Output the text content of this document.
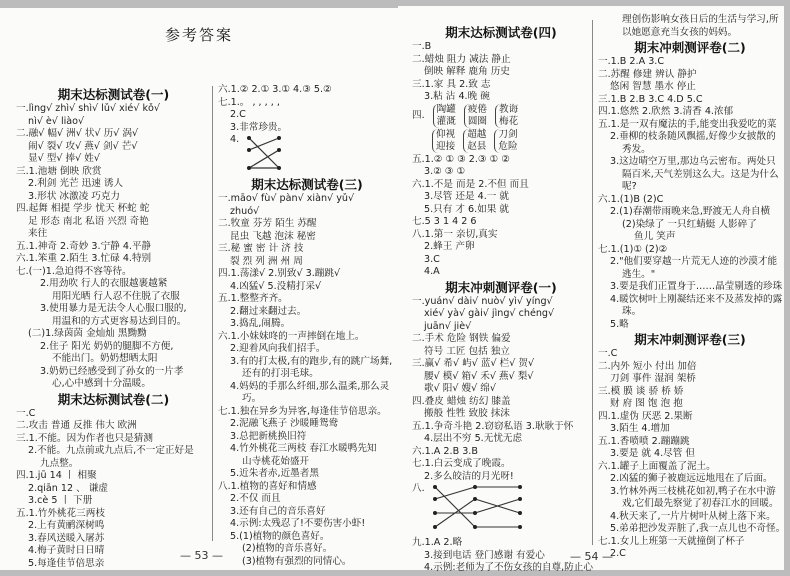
参考答案
期末达标测试卷(一)
一.lìng√ zhì√ shì√ lǔ√ xié√ kǒ√
nì√ è√ liào√
二.融√ 幅√ 洲√ 状√ 历√ 涡√
闹√ 裂√ 攻√ 燕√ 剑√ 芒√
显√ 型√ 捧√ 姓√
三.1.池塘 倒映 欣赏
2.利剑 光芒 迅速 诱人
3.形状 冰激凌 巧克力
四.起舞 相提 学步 忧天 杯蛇 蛇
足 形态 南北 私语 兴烈 奇艳
来往
五.1.神奇 2.奇妙 3.宁静 4.平静
六.1.笨重 2.陌生 3.忙碌 4.特别
七.(一)1.急迫得不容等待。
2.用劲吹 行人的衣服越裹越紧
用阳光晒 行人忍不住脱了衣服
3.使用暴力是无法令人心服口服的,
用温和的方式更容易达到目的。
(二)1.绿茵茵 金灿灿 黑黝黝
2.住子 阳光 奶奶的腿脚不方便,
不能出门。奶奶想晒太阳
3.奶奶已经感受到了孙女的一片孝
心,心中感到十分温暖。
期末达标测试卷(二)
一.C
二.攻击 普通 反推 伟大 欧洲
三.1.不能。因为作者也只是猜测
2.不能。九点前或九点后,不一定正好是
九点整。
四.1.jū 14 丨 相聚
2.qiān 12 、 谦虚
3.cè 5 丨 下册
五.1.竹外桃花三两枝
2.上有黄鹂深树鸣
3.春风送暖入屠苏
4.梅子黄时日日晴
5.每逢佳节倍思亲
六.1.② 2.① 3.① 4.③ 5.②
七.1.。 , , , , ,
2.C
3.非常珍贵。
4.
期末达标测试卷(三)
一.māo√ fù√ pàn√ xiàn√ yǔ√
zhuó√
二.牧童 芬芳 陌生 苏醒
昆虫 飞越 泡沫 秘密
三.秘 蜜 密 计 济 技
裂 烈 列 洲 州 周
四.1.荡漾√ 2.别致√ 3.蹦跳√
4.凶猛√ 5.没精打采√
五.1.整整齐齐。
2.翻过来翻过去。
3.捣乱,闹腾。
六.1.小妹妹咚的一声摔倒在地上。
2.迎着风向我们招手。
3.有的打太极,有的跑步,有的跳广场舞,
还有的打羽毛球。
4.妈妈的手那么纤细,那么温柔,那么灵
巧。
七.1.独在异乡为异客,每逢佳节倍思亲。
2.泥融飞燕子 沙暖睡鸳鸯
3.总把新桃换旧符
4.竹外桃花三两枝 春江水暖鸭先知
山寺桃花始盛开
5.近朱者赤,近墨者黑
八.1.植物的喜好和情感
2.不仅 而且
3.还有自己的音乐喜好
4.示例:太残忍了!不要伤害小虾!
5.(1)植物的颜色喜好。
(2)植物的音乐喜好。
(3)植物有强烈的同情心。
— 53 —
期末达标测试卷(四)
一.B
二.蜡烛 阻力 减法 静止
倒映 解释 鹿角 历史
三.1.家 具 2.致 志
3.粘 沾 4.晚 碗
四.
陶罐
灌溉
疲倦
圆圈
教诲
梅花
仰视
迎接
超越
赵县
刀剑
危险
五.1.② ① ③ 2.③ ① ②
3.② ③ ①
六.1.不是 而是 2.不但 而且
3.尽管 还是 4.一 就
5.只有 才 6.如果 就
七.5 3 1 4 2 6
八.1.第一 亲切,真实
2.蜂王 产卵
3.C
4.A
期末冲刺测评卷(一)
一.yuán√ dài√ nuò√ yì√ yíng√
xié√ yà√ gài√ jìng√ chéng√
juān√ jiè√
二.手术 危险 钢铁 偏爱
符号 工匠 包括 独立
三.赢√ 希√ 屿√ 蓝√ 栏√ 贺√
腰√ 模√ 箱√ 禾√ 燕√ 梨√
歌√ 阳√ 嫂√ 绵√
四.叠皮 蜡烛 纺幻 膝盖
搬般 性牲 致胶 抹沫
五.1.争奇斗艳 2.窃窃私语 3.耿耿于怀
4.层出不穷 5.无忧无虑
六.1.A 2.B 3.B
七.1.白云变成了晚霞。
2.多么皎洁的月光呀!
八.
九.1.A 2.略
3.接到电话 登门感谢 有爱心
4.示例:老师为了不伤女孩的自尊,防止心
理创伤影响女孩日后的生活与学习,所
以她愿意充当女孩的妈妈。
期末冲刺测评卷(二)
一.1.B 2.A 3.C
二.苏醒 修建 辨认 静护
悠闲 智慧 墨水 停止
三.1.B 2.B 3.C 4.D 5.C
四.1.悠然 2.欣然 3.清香 4.浓郁
五.1.是一双有魔法的手,能变出我爱吃的菜
2.垂柳的枝条随风飘摇,好像少女披散的
秀发。
3.这边晴空万里,那边乌云密布。两处只
隔百米,天气差别这么大。这是为什么
呢?
六.1.(1)B (2)C
2.(1)春潮带雨晚来急,野渡无人舟自横
(2)染绿了 一只红蜻蜓 人影碎了
鱼儿 笑声
七.1.(1)① (2)②
2."他们要穿越一片荒无人迹的沙漠才能
逃生。"
3.要是我们正置身于……晶莹剔透的珍珠
4.暖饮树叶上刚凝结还来不及蒸发掉的露
珠。
5.略
期末冲刺测评卷(三)
一.C
二.内外 短小 付出 加倍
刀剑 事件 湿润 架桥
三.模 膜 谈 骄 桥 娇
财 府 图 饱 泡 抱
四.1.虚伪 厌恶 2.果断
3.陌生 4.增加
五.1.香喷喷 2.蹦蹦跳
3.要是 就 4.尽管 但
六.1.罐子上面覆盖了泥土。
2.凶猛的狮子被鹿远远地甩在了后面。
3.竹林外两三枝桃花如初,鸭子在水中游
戏,它们最先察觉了初春江水的回暖。
4.秋天来了,一片片树叶从树上落下来。
5.弟弟把沙发弄脏了,我一点儿也不奇怪。
七.1.女儿上班第一天就撞倒了杯子
2.C
— 54 —
